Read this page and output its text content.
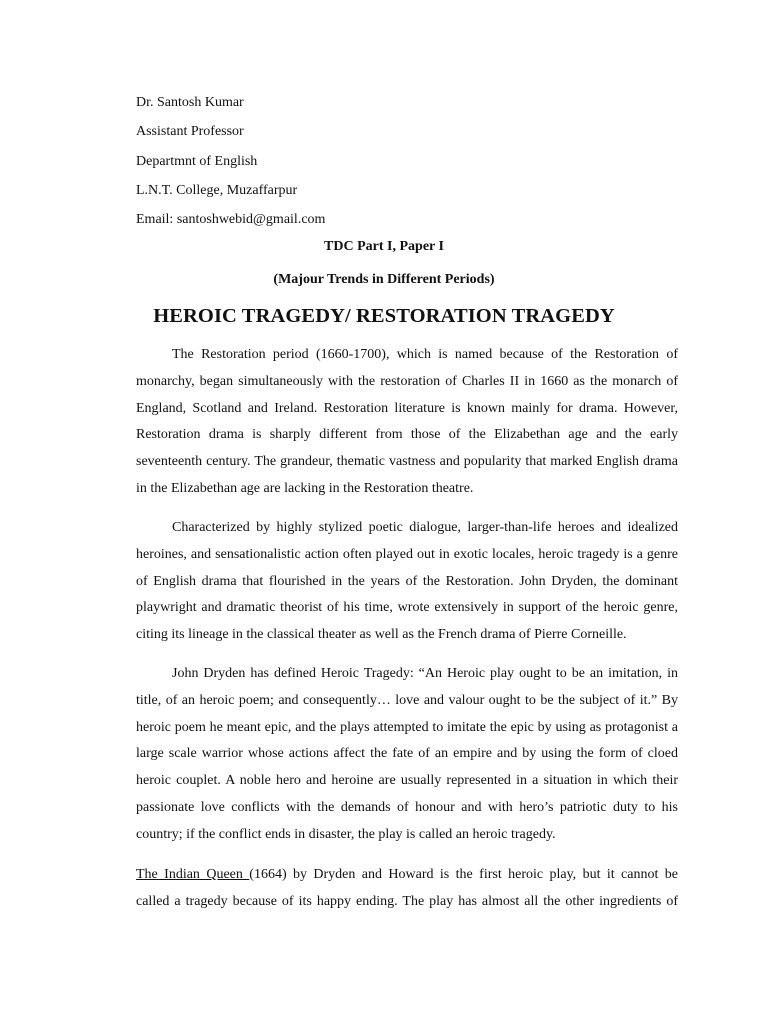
Dr. Santosh Kumar
Assistant Professor
Departmnt of English
L.N.T. College, Muzaffarpur
Email: santoshwebid@gmail.com
TDC Part I, Paper I
(Majour Trends in Different Periods)
HEROIC TRAGEDY/ RESTORATION TRAGEDY
The Restoration period (1660-1700), which is named because of the Restoration of
monarchy, began simultaneously with the restoration of Charles II in 1660 as the monarch of
England, Scotland and Ireland. Restoration literature is known mainly for drama. However,
Restoration drama is sharply different from those of the Elizabethan age and the early
seventeenth century. The grandeur, thematic vastness and popularity that marked English drama
in the Elizabethan age are lacking in the Restoration theatre.
Characterized by highly stylized poetic dialogue, larger-than-life heroes and idealized
heroines, and sensationalistic action often played out in exotic locales, heroic tragedy is a genre
of English drama that flourished in the years of the Restoration. John Dryden, the dominant
playwright and dramatic theorist of his time, wrote extensively in support of the heroic genre,
citing its lineage in the classical theater as well as the French drama of Pierre Corneille.
John Dryden has defined Heroic Tragedy: “An Heroic play ought to be an imitation, in
title, of an heroic poem; and consequently… love and valour ought to be the subject of it.” By
heroic poem he meant epic, and the plays attempted to imitate the epic by using as protagonist a
large scale warrior whose actions affect the fate of an empire and by using the form of cloed
heroic couplet. A noble hero and heroine are usually represented in a situation in which their
passionate love conflicts with the demands of honour and with hero’s patriotic duty to his
country; if the conflict ends in disaster, the play is called an heroic tragedy.
The Indian Queen (1664) by Dryden and Howard is the first heroic play, but it cannot be
called a tragedy because of its happy ending. The play has almost all the other ingredients of
